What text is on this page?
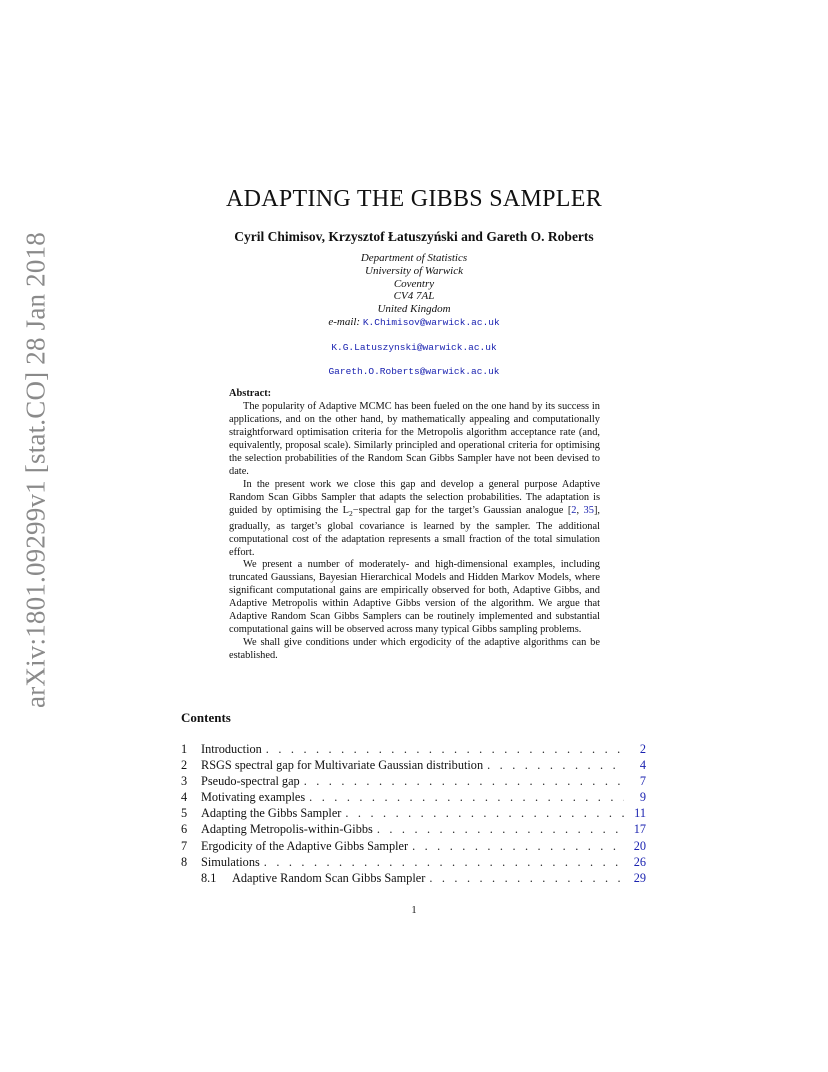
arXiv:1801.09299v1 [stat.CO] 28 Jan 2018
ADAPTING THE GIBBS SAMPLER
Cyril Chimisov, Krzysztof Łatuszyński and Gareth O. Roberts
Department of Statistics
University of Warwick
Coventry
CV4 7AL
United Kingdom
e-mail: K.Chimisov@warwick.ac.uk
K.G.Latuszynski@warwick.ac.uk
Gareth.O.Roberts@warwick.ac.uk
Abstract:

The popularity of Adaptive MCMC has been fueled on the one hand by its success in applications, and on the other hand, by mathematically appealing and computationally straightforward optimisation criteria for the Metropolis algorithm acceptance rate (and, equivalently, proposal scale). Similarly principled and operational criteria for optimising the selection probabilities of the Random Scan Gibbs Sampler have not been devised to date.

In the present work we close this gap and develop a general purpose Adaptive Random Scan Gibbs Sampler that adapts the selection probabilities. The adaptation is guided by optimising the $L_2-spectral$ gap for the target’s Gaussian analogue [2, 35], gradually, as target’s global covariance is learned by the sampler. The additional computational cost of the adaptation represents a small fraction of the total simulation effort.

We present a number of moderately- and high-dimensional examples, including truncated Gaussians, Bayesian Hierarchical Models and Hidden Markov Models, where significant computational gains are empirically observed for both, Adaptive Gibbs, and Adaptive Metropolis within Adaptive Gibbs version of the algorithm. We argue that Adaptive Random Scan Gibbs Samplers can be routinely implemented and substantial computational gains will be observed across many typical Gibbs sampling problems.

We shall give conditions under which ergodicity of the adaptive algorithms can be established.

Contents
1	Introduction . . .	2
2	RSGS spectral gap for Multivariate Gaussian distribution . . .	4
3	Pseudo-spectral gap . . .	7
4	Motivating examples . . .	9
5	Adapting the Gibbs Sampler . . .	11
6	Adapting Metropolis-within-Gibbs . . .	17
7	Ergodicity of the Adaptive Gibbs Sampler . . .	20
8	Simulations . . .	26
8.1	Adaptive Random Scan Gibbs Sampler . . .	29
1
